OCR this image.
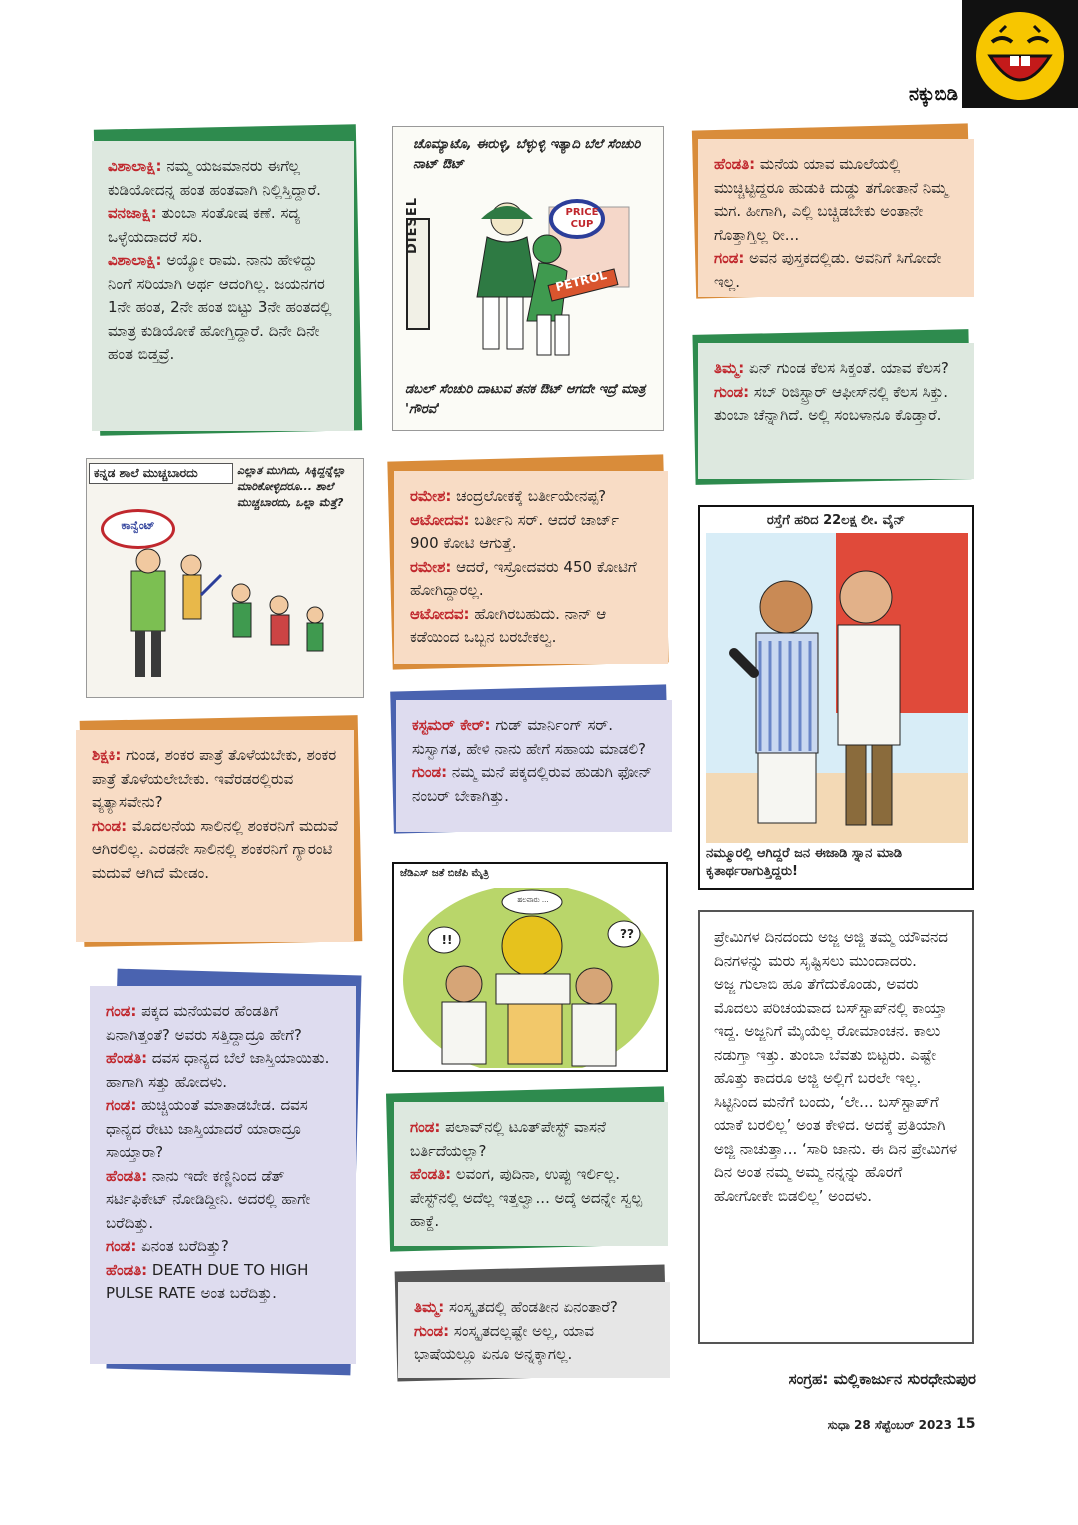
ನಕ್ಕುಬಿಡಿ

ವಿಶಾಲಾಕ್ಷಿ: ನಮ್ಮ ಯಜಮಾನರು ಈಗೆಲ್ಲ ಕುಡಿಯೋದನ್ನ ಹಂತ ಹಂತವಾಗಿ ನಿಲ್ಲಿಸ್ತಿದ್ದಾರೆ.

ವನಜಾಕ್ಷಿ: ತುಂಬಾ ಸಂತೋಷ ಕಣೆ. ಸದ್ಯ ಒಳ್ಳೆಯದಾದರೆ ಸರಿ.

ವಿಶಾಲಾಕ್ಷಿ: ಅಯ್ಯೋ ರಾಮ. ನಾನು ಹೇಳಿದ್ದು ನಿಂಗೆ ಸರಿಯಾಗಿ ಅರ್ಥ ಆದಂಗಿಲ್ಲ. ಜಯನಗರ 1ನೇ ಹಂತ, 2ನೇ ಹಂತ ಬಿಟ್ಟು 3ನೇ ಹಂತದಲ್ಲಿ ಮಾತ್ರ ಕುಡಿಯೋಕೆ ಹೋಗ್ತಿದ್ದಾರೆ. ದಿನೇ ದಿನೇ ಹಂತ ಬಿಡ್ತವ್ರೆ.

ಚೊಮ್ಯಾಟೊ, ಈರುಳ್ಳಿ, ಬೆಳ್ಳುಳ್ಳಿ ಇತ್ಯಾದಿ ಬೆಲೆ ಸೆಂಚುರಿ ನಾಟ್ ಔಟ್
DIESEL
PETROL
PRICE CUP
ಡಬಲ್ ಸೆಂಚುರಿ ದಾಟುವ ತನಕ ಔಟ್ ಆಗದೇ ಇದ್ರೆ ಮಾತ್ರ 'ಗೌರವ'

ಹೆಂಡತಿ: ಮನೆಯ ಯಾವ ಮೂಲೆಯಲ್ಲಿ ಮುಚ್ಚಿಟ್ಟಿದ್ದರೂ ಹುಡುಕಿ ದುಡ್ಡು ತಗೋತಾನೆ ನಿಮ್ಮ ಮಗ. ಹೀಗಾಗಿ, ಎಲ್ಲಿ ಬಚ್ಚಿಡಬೇಕು ಅಂತಾನೇ ಗೊತ್ತಾಗ್ತಿಲ್ಲ ರೀ...

ಗಂಡ: ಅವನ ಪುಸ್ತಕದಲ್ಲಿಡು. ಅವನಿಗೆ ಸಿಗೋದೇ ಇಲ್ಲ.

ತಿಮ್ಮ: ಏನ್ ಗುಂಡ ಕೆಲಸ ಸಿಕ್ತಂತೆ. ಯಾವ ಕೆಲಸ?

ಗುಂಡ: ಸಬ್ ರಿಜಿಸ್ಟ್ರಾರ್ ಆಫೀಸ್‌ನಲ್ಲಿ ಕೆಲಸ ಸಿಕ್ತು. ತುಂಬಾ ಚೆನ್ನಾಗಿದೆ. ಅಲ್ಲಿ ಸಂಬಳಾನೂ ಕೊಡ್ತಾರೆ.

ಕನ್ನಡ ಶಾಲೆ ಮುಚ್ಚಬಾರದು	ಎಲ್ಲಾತ ಮುಗಿದು, ಸಿಕ್ಕಿದ್ದನ್ನೆಲ್ಲಾ ಮಾರಿಕೋಳ್ಳಿದರೂ... ಶಾಲೆ ಮುಚ್ಚಬಾರದು, ಒಲ್ಲಾ ಮೆತ್ತೆ?
ಕಾನ್ವೆಂಟ್

ರಮೇಶ: ಚಂದ್ರಲೋಕಕ್ಕೆ ಬರ್ತೀಯೇನಪ್ಪ?

ಆಟೋದವ: ಬರ್ತೀನಿ ಸರ್. ಆದರೆ ಚಾರ್ಜ್ 900 ಕೋಟಿ ಆಗುತ್ತೆ.

ರಮೇಶ: ಆದರೆ, ಇಸ್ರೋದವರು 450 ಕೋಟಿಗೆ ಹೋಗಿದ್ದಾರಲ್ಲ.

ಆಟೋದವ: ಹೋಗಿರಬಹುದು. ನಾನ್ ಆ ಕಡೆಯಿಂದ ಒಬ್ಬನ ಬರಬೇಕಲ್ವ.

ರಸ್ತೆಗೆ ಹರಿದ 22ಲಕ್ಷ ಲೀ. ವೈನ್
ನಮ್ಮೂರಲ್ಲಿ ಆಗಿದ್ದರೆ ಜನ ಈಜಾಡಿ ಸ್ನಾನ ಮಾಡಿ ಕೃತಾರ್ಥರಾಗುತ್ತಿದ್ದರು!

ಕಸ್ಟಮರ್ ಕೇರ್: ಗುಡ್ ಮಾರ್ನಿಂಗ್ ಸರ್. ಸುಸ್ವಾಗತ, ಹೇಳಿ ನಾನು ಹೇಗೆ ಸಹಾಯ ಮಾಡಲಿ?

ಗುಂಡ: ನಮ್ಮ ಮನೆ ಪಕ್ಕದಲ್ಲಿರುವ ಹುಡುಗಿ ಫೋನ್ ನಂಬರ್ ಬೇಕಾಗಿತ್ತು.

ಶಿಕ್ಷಕಿ: ಗುಂಡ, ಶಂಕರ ಪಾತ್ರೆ ತೊಳೆಯಬೇಕು, ಶಂಕರ ಪಾತ್ರೆ ತೊಳೆಯಲೇಬೇಕು. ಇವೆರಡರಲ್ಲಿರುವ ವ್ಯತ್ಯಾಸವೇನು?

ಗುಂಡ: ಮೊದಲನೆಯ ಸಾಲಿನಲ್ಲಿ ಶಂಕರನಿಗೆ ಮದುವೆ ಆಗಿರಲಿಲ್ಲ. ಎರಡನೇ ಸಾಲಿನಲ್ಲಿ ಶಂಕರನಿಗೆ ಗ್ಯಾರಂಟಿ ಮದುವೆ ಆಗಿದೆ ಮೇಡಂ.	ಜೆಡಿಎಸ್ ಜತೆ ಬಿಜೆಪಿ ಮೈತ್ರಿ
ಹಲವಾರು ...
!!	??	ಪ್ರೇಮಿಗಳ ದಿನದಂದು ಅಜ್ಜ ಅಜ್ಜಿ ತಮ್ಮ ಯೌವನದ ದಿನಗಳನ್ನು ಮರು ಸೃಷ್ಟಿಸಲು ಮುಂದಾದರು.
ಅಜ್ಜ ಗುಲಾಬಿ ಹೂ ತೆಗೆದುಕೊಂಡು, ಅವರು ಮೊದಲು ಪರಿಚಯವಾದ ಬಸ್‌ಸ್ಟಾಪ್‌ನಲ್ಲಿ ಕಾಯ್ತಾ ಇದ್ದ. ಅಜ್ಜನಿಗೆ ಮೈಯೆಲ್ಲ ರೋಮಾಂಚನ. ಕಾಲು ನಡುಗ್ತಾ ಇತ್ತು. ತುಂಬಾ ಬೆವತು ಬಿಟ್ಟರು. ಎಷ್ಟೇ ಹೊತ್ತು ಕಾದರೂ ಅಜ್ಜಿ ಅಲ್ಲಿಗೆ ಬರಲೇ ಇಲ್ಲ.
ಸಿಟ್ಟಿನಿಂದ ಮನೆಗೆ ಬಂದು, ‘ಲೇ... ಬಸ್‌ಸ್ಟಾಪ್‌ಗೆ ಯಾಕೆ ಬರಲಿಲ್ಲ’ ಅಂತ ಕೇಳಿದ. ಅದಕ್ಕೆ ಪ್ರತಿಯಾಗಿ ಅಜ್ಜಿ ನಾಚುತ್ತಾ... ‘ಸಾರಿ ಜಾನು. ಈ ದಿನ ಪ್ರೇಮಿಗಳ ದಿನ ಅಂತ ನಮ್ಮ ಅಮ್ಮ ನನ್ನನ್ನು ಹೊರಗೆ ಹೋಗೋಕೇ ಬಿಡಲಿಲ್ಲ’ ಅಂದಳು.

ಗಂಡ: ಪಕ್ಕದ ಮನೆಯವರ ಹೆಂಡತಿಗೆ ಏನಾಗಿತ್ತಂತೆ? ಅವರು ಸತ್ತಿದ್ದಾದ್ರೂ ಹೇಗೆ?

ಹೆಂಡತಿ: ದವಸ ಧಾನ್ಯದ ಬೆಲೆ ಜಾಸ್ತಿಯಾಯಿತು. ಹಾಗಾಗಿ ಸತ್ತು ಹೋದಳು.

ಗಂಡ: ಹುಚ್ಚಿಯಂತೆ ಮಾತಾಡಬೇಡ. ದವಸ ಧಾನ್ಯದ ರೇಟು ಜಾಸ್ತಿಯಾದರೆ ಯಾರಾದ್ರೂ ಸಾಯ್ತಾರಾ?

ಹೆಂಡತಿ: ನಾನು ಇದೇ ಕಣ್ಣಿನಿಂದ ಡೆತ್ ಸರ್ಟಿಫಿಕೇಟ್ ನೋಡಿದ್ದೀನಿ. ಅದರಲ್ಲಿ ಹಾಗೇ ಬರೆದಿತ್ತು.

ಗಂಡ: ಏನಂತ ಬರೆದಿತ್ತು?

ಹೆಂಡತಿ: DEATH DUE TO HIGH PULSE RATE ಅಂತ ಬರೆದಿತ್ತು.

ಗಂಡ: ಪಲಾವ್‌ನಲ್ಲಿ ಟೂತ್‌ಪೇಸ್ಟ್ ವಾಸನೆ ಬರ್ತಿದೆಯಲ್ಲಾ?

ಹೆಂಡತಿ: ಲವಂಗ, ಪುದಿನಾ, ಉಪ್ಪು ಇರ್ಲಿಲ್ಲ. ಪೇಸ್ಟ್‌ನಲ್ಲಿ ಅದೆಲ್ಲ ಇತ್ತಲ್ವಾ... ಅದ್ಕೆ ಅದನ್ನೇ ಸ್ವಲ್ಪ ಹಾಕ್ದೆ.

ತಿಮ್ಮ: ಸಂಸ್ಕೃತದಲ್ಲಿ ಹೆಂಡತೀನ ಏನಂತಾರೆ?

ಗುಂಡ: ಸಂಸ್ಕೃತದಲ್ಲಷ್ಟೇ ಅಲ್ಲ, ಯಾವ ಭಾಷೆಯಲ್ಲೂ ಏನೂ ಅನ್ನಕ್ಕಾಗಲ್ಲ.

ಸಂಗ್ರಹ: ಮಲ್ಲಿಕಾರ್ಜುನ ಸುರಧೇನುಪುರ
ಸುಧಾ 28 ಸೆಪ್ಟೆಂಬರ್ 2023 15
